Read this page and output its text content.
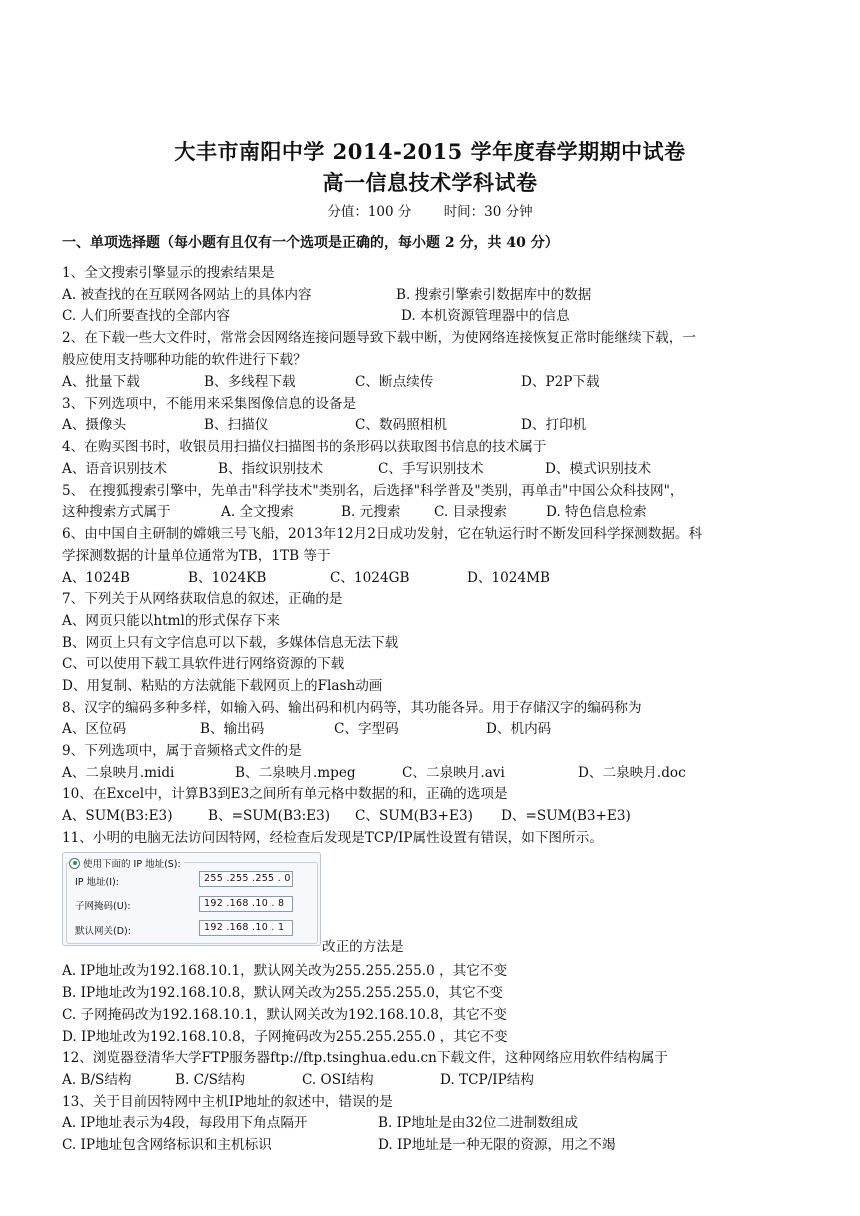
大丰市南阳中学 2014-2015 学年度春学期期中试卷
高一信息技术学科试卷
分值：100 分 时间：30 分钟
一、单项选择题（每小题有且仅有一个选项是正确的，每小题 2 分，共 40 分）
1、全文搜索引擎显示的搜索结果是
A. 被查找的在互联网各网站上的具体内容	B. 搜索引擎索引数据库中的数据
C. 人们所要查找的全部内容	D. 本机资源管理器中的信息
2、在下载一些大文件时，常常会因网络连接问题导致下载中断，为使网络连接恢复正常时能继续下载，一
般应使用支持哪种功能的软件进行下载？
A、批量下载	B、多线程下载	C、断点续传	D、P2P下载
3、下列选项中，不能用来采集图像信息的设备是
A、摄像头	B、扫描仪	C、数码照相机	D、打印机
4、在购买图书时，收银员用扫描仪扫描图书的条形码以获取图书信息的技术属于
A、语音识别技术	B、指纹识别技术	C、手写识别技术	D、模式识别技术
5、 在搜狐搜索引擎中，先单击"科学技术"类别名，后选择"科学普及"类别，再单击"中国公众科技网"，
这种搜索方式属于	A. 全文搜索	B. 元搜索 C. 目录搜索	D. 特色信息检索
6、由中国自主研制的嫦娥三号飞船，2013年12月2日成功发射，它在轨运行时不断发回科学探测数据。科
学探测数据的计量单位通常为TB，1TB 等于
A、1024B	B、1024KB	C、1024GB	D、1024MB
7、下列关于从网络获取信息的叙述，正确的是
A、网页只能以html的形式保存下来
B、网页上只有文字信息可以下载，多媒体信息无法下载
C、可以使用下载工具软件进行网络资源的下载
D、用复制、粘贴的方法就能下载网页上的Flash动画
8、汉字的编码多种多样，如输入码、输出码和机内码等，其功能各异。用于存储汉字的编码称为
A、区位码	B、输出码	C、字型码	D、机内码
9、下列选项中，属于音频格式文件的是
A、二泉映月.midi	B、二泉映月.mpeg	C、二泉映月.avi	D、二泉映月.doc
10、在Excel中，计算B3到E3之间所有单元格中数据的和，正确的选项是
A、SUM(B3:E3)	B、=SUM(B3:E3) C、SUM(B3+E3) D、=SUM(B3+E3)
11、小明的电脑无法访问因特网，经检查后发现是TCP/IP属性设置有错误，如下图所示。
使用下面的 IP 地址(S):
IP 地址(I):	255 .255 .255 . 0
子网掩码(U):	192 .168 .10 . 8
默认网关(D):	192 .168 .10 . 1
改正的方法是
A. IP地址改为192.168.10.1，默认网关改为255.255.255.0 ，其它不变
B. IP地址改为192.168.10.8，默认网关改为255.255.255.0，其它不变
C. 子网掩码改为192.168.10.1，默认网关改为192.168.10.8，其它不变
D. IP地址改为192.168.10.8，子网掩码改为255.255.255.0 ，其它不变
12、浏览器登清华大学FTP服务器ftp://ftp.tsinghua.edu.cn下载文件，这种网络应用软件结构属于
A. B/S结构	B. C/S结构	C. OSI结构	D. TCP/IP结构
13、关于目前因特网中主机IP地址的叙述中，错误的是
A. IP地址表示为4段，每段用下角点隔开	B. IP地址是由32位二进制数组成
C. IP地址包含网络标识和主机标识	D. IP地址是一种无限的资源，用之不竭
